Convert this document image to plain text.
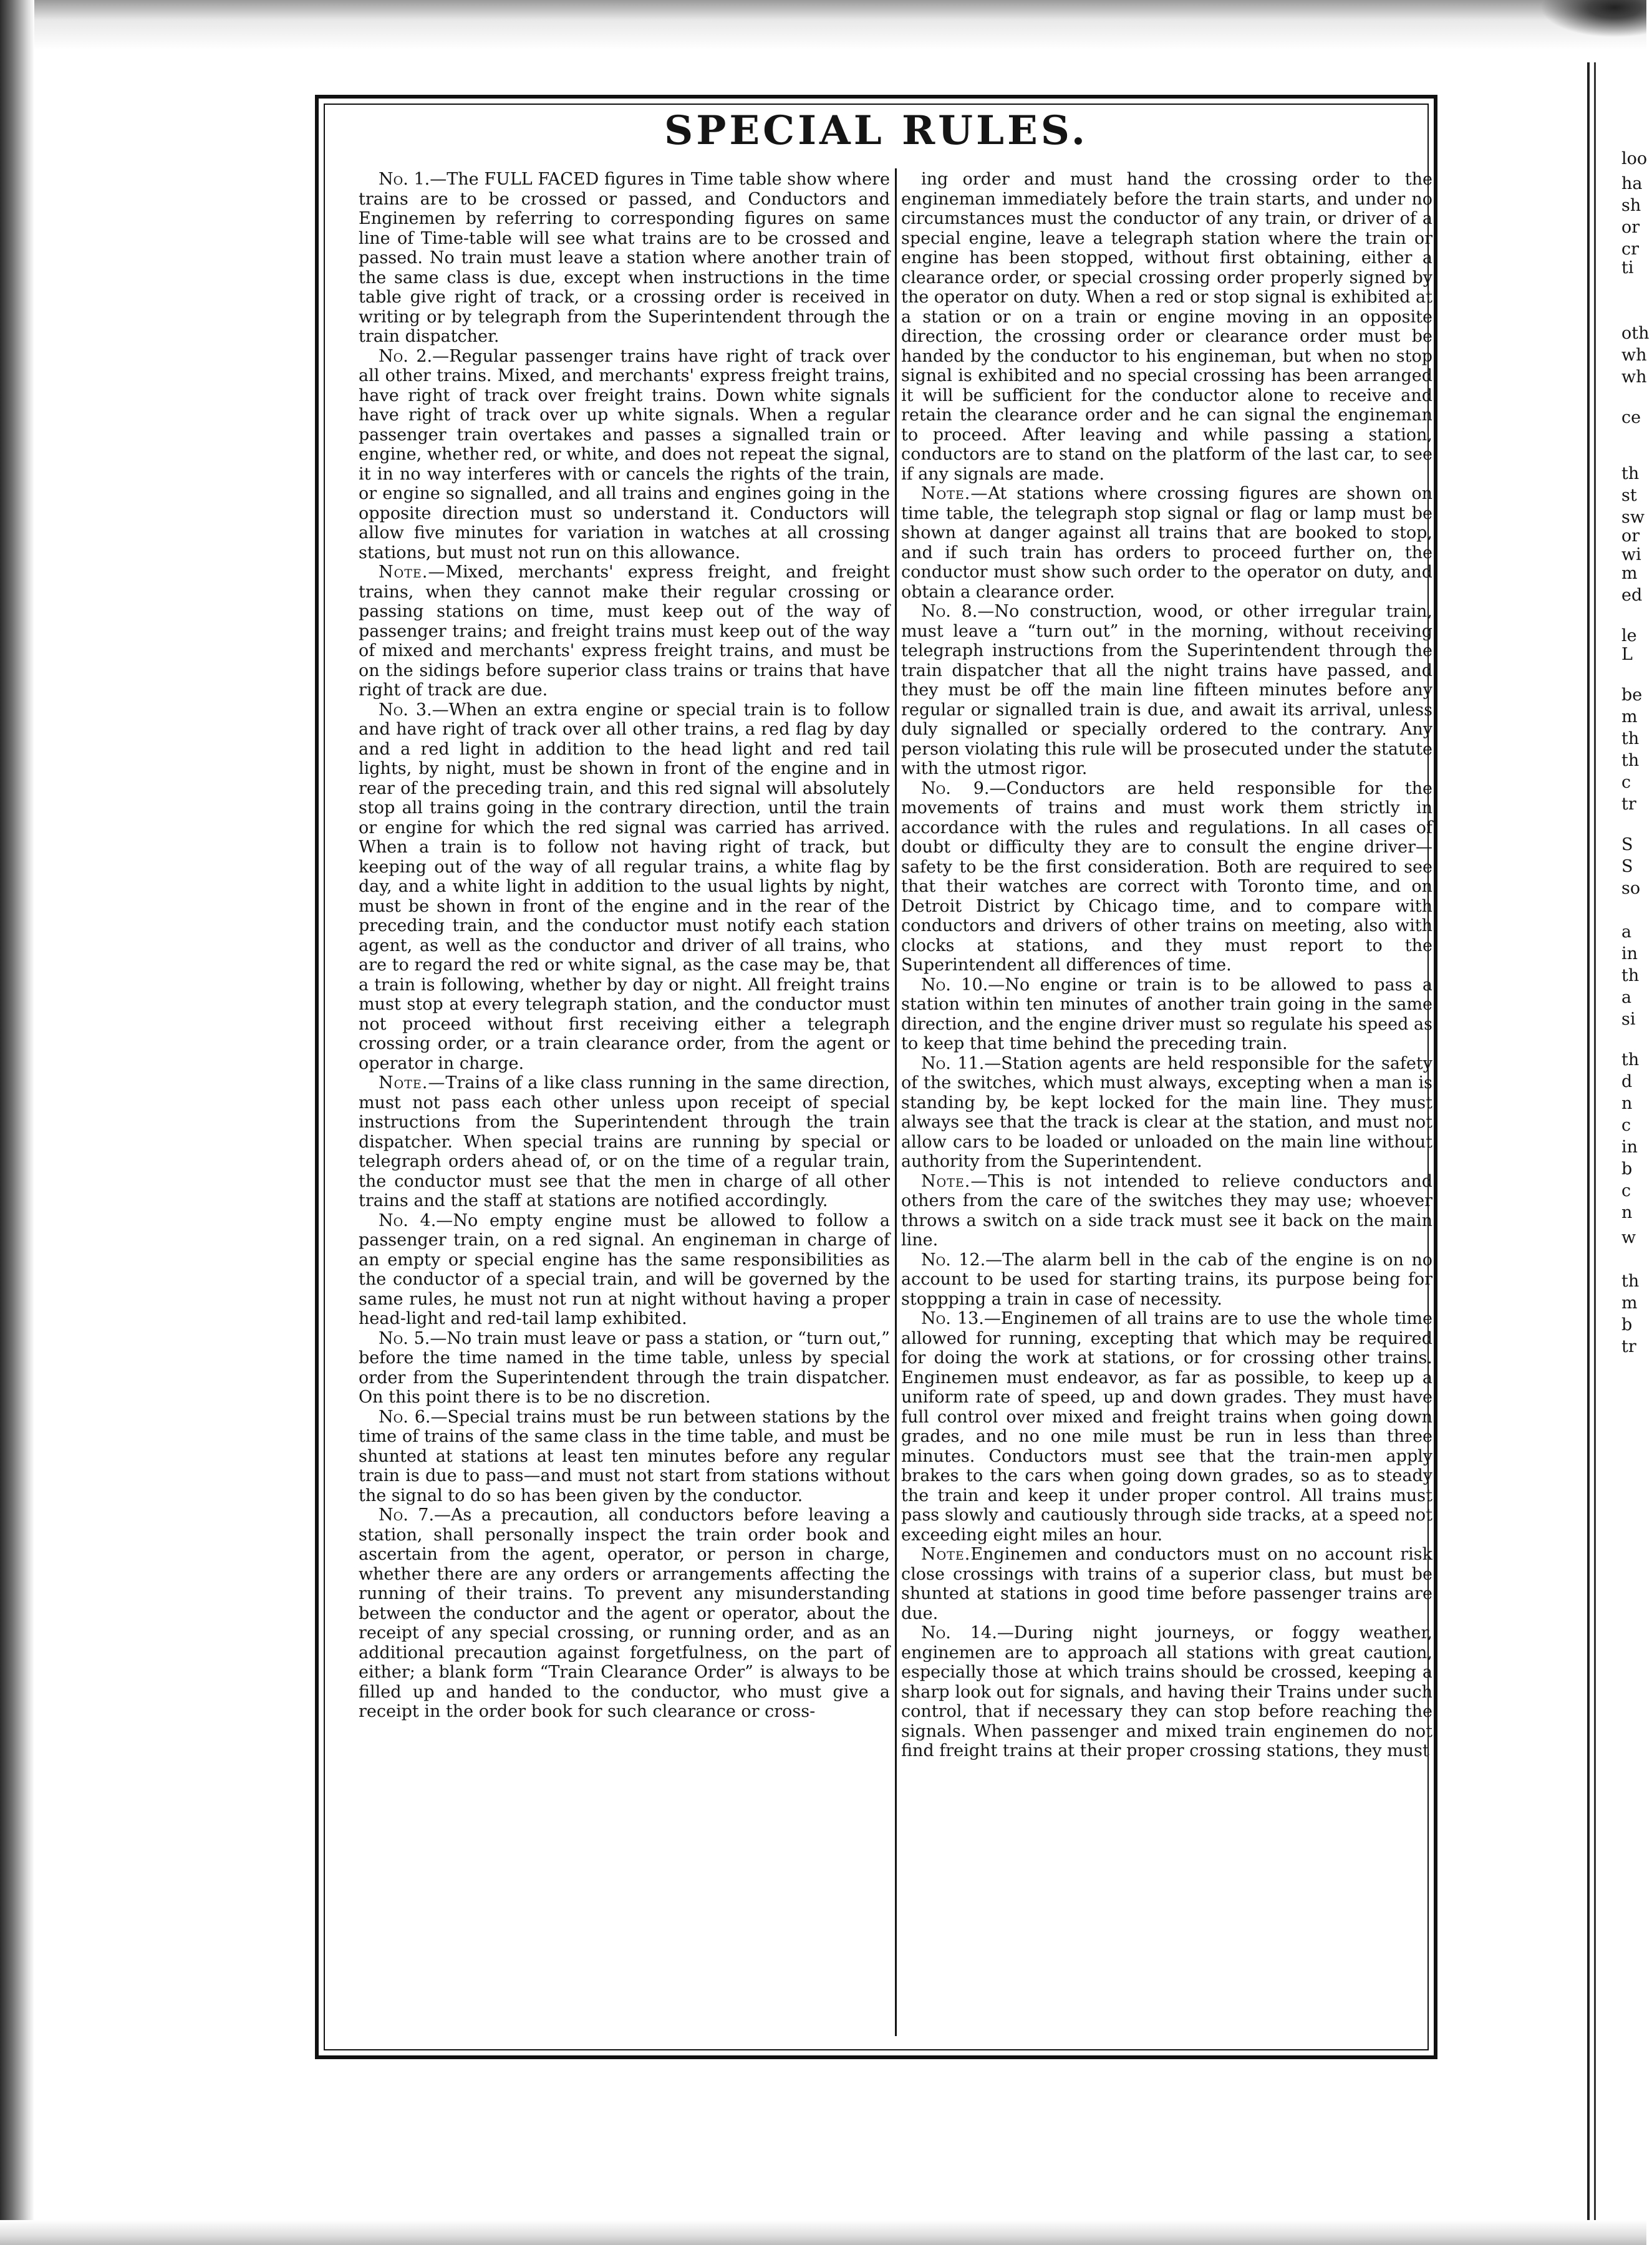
SPECIAL RULES.

No. 1.—The FULL FACED figures in Time table show where trains are to be crossed or passed, and Conductors and Enginemen by referring to corresponding figures on same line of Time-table will see what trains are to be crossed and passed. No train must leave a station where another train of the same class is due, except when instructions in the time table give right of track, or a crossing order is received in writing or by telegraph from the Superintendent through the train dispatcher.

No. 2.—Regular passenger trains have right of track over all other trains. Mixed, and merchants' express freight trains, have right of track over freight trains. Down white signals have right of track over up white signals. When a regular passenger train overtakes and passes a signalled train or engine, whether red, or white, and does not repeat the signal, it in no way interferes with or cancels the rights of the train, or engine so signalled, and all trains and engines going in the opposite direction must so understand it. Conductors will allow five minutes for variation in watches at all crossing stations, but must not run on this allowance.

Note.—Mixed, merchants' express freight, and freight trains, when they cannot make their regular crossing or passing stations on time, must keep out of the way of passenger trains; and freight trains must keep out of the way of mixed and merchants' express freight trains, and must be on the sidings before superior class trains or trains that have right of track are due.

No. 3.—When an extra engine or special train is to follow and have right of track over all other trains, a red flag by day and a red light in addition to the head light and red tail lights, by night, must be shown in front of the engine and in rear of the preceding train, and this red signal will absolutely stop all trains going in the contrary direction, until the train or engine for which the red signal was carried has arrived. When a train is to follow not having right of track, but keeping out of the way of all regular trains, a white flag by day, and a white light in addition to the usual lights by night, must be shown in front of the engine and in the rear of the preceding train, and the conductor must notify each station agent, as well as the conductor and driver of all trains, who are to regard the red or white signal, as the case may be, that a train is following, whether by day or night. All freight trains must stop at every telegraph station, and the conductor must not proceed without first receiving either a telegraph crossing order, or a train clearance order, from the agent or operator in charge.

Note.—Trains of a like class running in the same direction, must not pass each other unless upon receipt of special instructions from the Superintendent through the train dispatcher. When special trains are running by special or telegraph orders ahead of, or on the time of a regular train, the conductor must see that the men in charge of all other trains and the staff at stations are notified accordingly.

No. 4.—No empty engine must be allowed to follow a passenger train, on a red signal. An engineman in charge of an empty or special engine has the same responsibilities as the conductor of a special train, and will be governed by the same rules, he must not run at night without having a proper head-light and red-tail lamp exhibited.

No. 5.—No train must leave or pass a station, or “turn out,” before the time named in the time table, unless by special order from the Superintendent through the train dispatcher. On this point there is to be no discretion.

No. 6.—Special trains must be run between stations by the time of trains of the same class in the time table, and must be shunted at stations at least ten minutes before any regular train is due to pass—and must not start from stations without the signal to do so has been given by the conductor.

No. 7.—As a precaution, all conductors before leaving a station, shall personally inspect the train order book and ascertain from the agent, operator, or person in charge, whether there are any orders or arrangements affecting the running of their trains. To prevent any misunderstanding between the conductor and the agent or operator, about the receipt of any special crossing, or running order, and as an additional precaution against forgetfulness, on the part of either; a blank form “Train Clearance Order” is always to be filled up and handed to the conductor, who must give a receipt in the order book for such clearance or cross-

ing order and must hand the crossing order to the engineman immediately before the train starts, and under no circumstances must the conductor of any train, or driver of a special engine, leave a telegraph station where the train or engine has been stopped, without first obtaining, either a clearance order, or special crossing order properly signed by the operator on duty. When a red or stop signal is exhibited at a station or on a train or engine moving in an opposite direction, the crossing order or clearance order must be handed by the conductor to his engineman, but when no stop signal is exhibited and no special crossing has been arranged it will be sufficient for the conductor alone to receive and retain the clearance order and he can signal the engineman to proceed. After leaving and while passing a station, conductors are to stand on the platform of the last car, to see if any signals are made.

Note.—At stations where crossing figures are shown on time table, the telegraph stop signal or flag or lamp must be shown at danger against all trains that are booked to stop, and if such train has orders to proceed further on, the conductor must show such order to the operator on duty, and obtain a clearance order.

No. 8.—No construction, wood, or other irregular train, must leave a “turn out” in the morning, without receiving telegraph instructions from the Superintendent through the train dispatcher that all the night trains have passed, and they must be off the main line fifteen minutes before any regular or signalled train is due, and await its arrival, unless duly signalled or specially ordered to the contrary. Any person violating this rule will be prosecuted under the statute with the utmost rigor.

No. 9.—Conductors are held responsible for the movements of trains and must work them strictly in accordance with the rules and regulations. In all cases of doubt or difficulty they are to consult the engine driver—safety to be the first consideration. Both are required to see that their watches are correct with Toronto time, and on Detroit District by Chicago time, and to compare with conductors and drivers of other trains on meeting, also with clocks at stations, and they must report to the Superintendent all differences of time.

No. 10.—No engine or train is to be allowed to pass a station within ten minutes of another train going in the same direction, and the engine driver must so regulate his speed as to keep that time behind the preceding train.

No. 11.—Station agents are held responsible for the safety of the switches, which must always, excepting when a man is standing by, be kept locked for the main line. They must always see that the track is clear at the station, and must not allow cars to be loaded or unloaded on the main line without authority from the Superintendent.

Note.—This is not intended to relieve conductors and others from the care of the switches they may use; whoever throws a switch on a side track must see it back on the main line.

No. 12.—The alarm bell in the cab of the engine is on no account to be used for starting trains, its purpose being for stoppping a train in case of necessity.

No. 13.—Enginemen of all trains are to use the whole time allowed for running, excepting that which may be required for doing the work at stations, or for crossing other trains. Enginemen must endeavor, as far as possible, to keep up a uniform rate of speed, up and down grades. They must have full control over mixed and freight trains when going down grades, and no one mile must be run in less than three minutes. Conductors must see that the train-men apply brakes to the cars when going down grades, so as to steady the train and keep it under proper control. All trains must pass slowly and cautiously through side tracks, at a speed not exceeding eight miles an hour.

Note.Enginemen and conductors must on no account risk close crossings with trains of a superior class, but must be shunted at stations in good time before passenger trains are due.

No. 14.—During night journeys, or foggy weather, enginemen are to approach all stations with great caution, especially those at which trains should be crossed, keeping a sharp look out for signals, and having their Trains under such control, that if necessary they can stop before reaching the signals. When passenger and mixed train enginemen do not find freight trains at their proper crossing stations, they must

loo
ha
sh
or
cr
ti
oth
wh
wh
ce
th
st
sw
or
wi
m
ed
le
L
be
m
th
th
c
tr
S
S
so
a
in
th
a
si
th
d
n
c
in
b
c
n
w
th
m
b
tr
